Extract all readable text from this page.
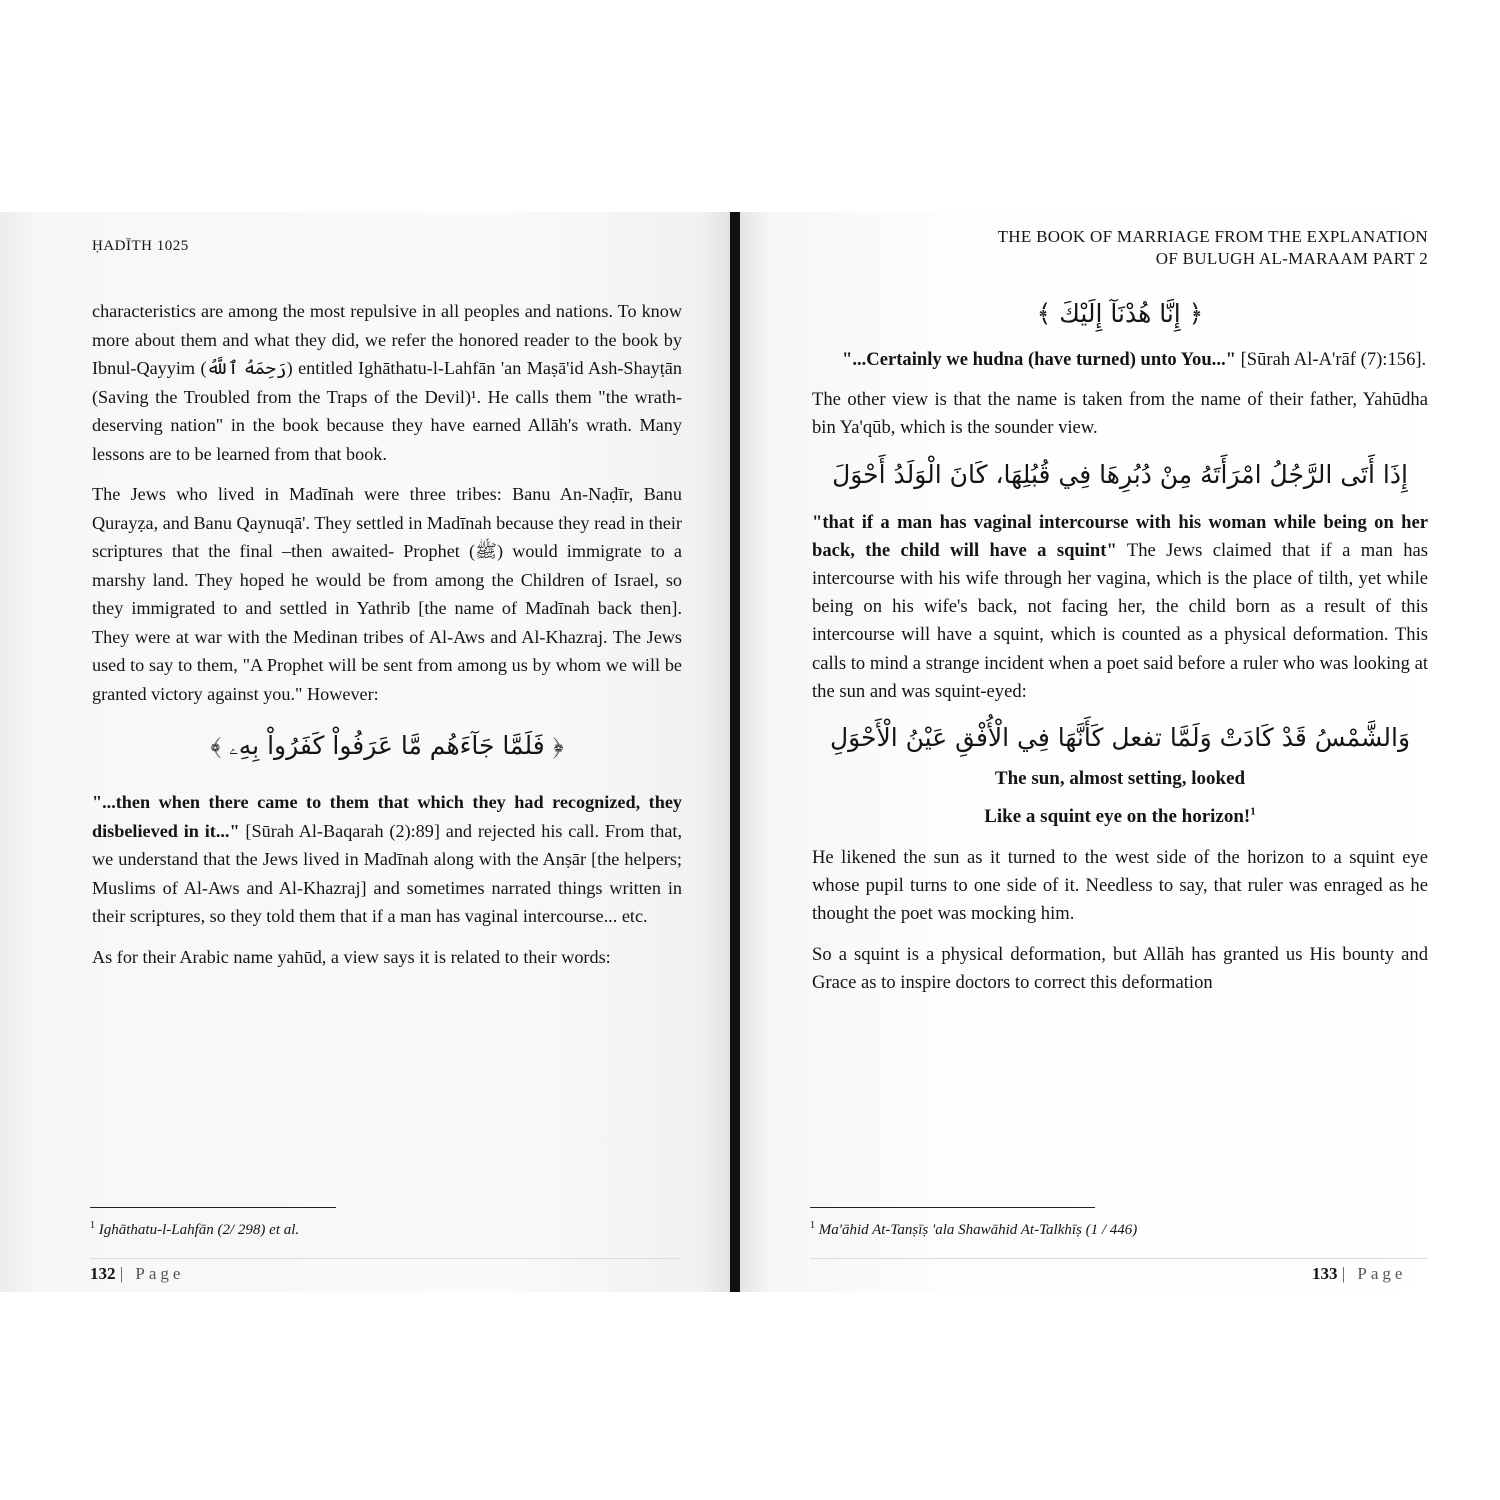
ḤADĪTH 1025

characteristics are among the most repulsive in all peoples and nations. To know more about them and what they did, we refer the honored reader to the book by Ibnul-Qayyim (رَحِمَهُ ٱللَّهُ) entitled Ighāthatu-l-Lahfān 'an Maṣā'id Ash-Shayṭān (Saving the Troubled from the Traps of the Devil)¹. He calls them "the wrath-deserving nation" in the book because they have earned Allāh's wrath. Many lessons are to be learned from that book.

The Jews who lived in Madīnah were three tribes: Banu An-Naḍīr, Banu Qurayẓa, and Banu Qaynuqā'. They settled in Madīnah because they read in their scriptures that the final –then awaited- Prophet (ﷺ) would immigrate to a marshy land. They hoped he would be from among the Children of Israel, so they immigrated to and settled in Yathrib [the name of Madīnah back then]. They were at war with the Medinan tribes of Al-Aws and Al-Khazraj. The Jews used to say to them, "A Prophet will be sent from among us by whom we will be granted victory against you." However:

﴿ فَلَمَّا جَآءَهُم مَّا عَرَفُواْ كَفَرُواْ بِهِۦ ﴾

"...then when there came to them that which they had recognized, they disbelieved in it..." [Sūrah Al-Baqarah (2):89] and rejected his call. From that, we understand that the Jews lived in Madīnah along with the Anṣār [the helpers; Muslims of Al-Aws and Al-Khazraj] and sometimes narrated things written in their scriptures, so they told them that if a man has vaginal intercourse... etc.

As for their Arabic name yahūd, a view says it is related to their words:

THE BOOK OF MARRIAGE FROM THE EXPLANATION
OF BULUGH AL-MARAAM PART 2
﴿ إِنَّا هُدْنَآ إِلَيْكَ ﴾

"...Certainly we hudna (have turned) unto You..." [Sūrah Al-A'rāf (7):156].

The other view is that the name is taken from the name of their father, Yahūdha bin Ya'qūb, which is the sounder view.

إِذَا أَتَى الرَّجُلُ امْرَأَتَهُ مِنْ دُبُرِهَا فِي قُبُلِهَا، كَانَ الْوَلَدُ أَحْوَلَ

"that if a man has vaginal intercourse with his woman while being on her back, the child will have a squint" The Jews claimed that if a man has intercourse with his wife through her vagina, which is the place of tilth, yet while being on his wife's back, not facing her, the child born as a result of this intercourse will have a squint, which is counted as a physical deformation. This calls to mind a strange incident when a poet said before a ruler who was looking at the sun and was squint-eyed:

وَالشَّمْسُ قَدْ كَادَتْ وَلَمَّا تفعل كَأَنَّهَا فِي الْأُفْقِ عَيْنُ الْأَحْوَلِ
The sun, almost setting, looked
Like a squint eye on the horizon!$^1$

He likened the sun as it turned to the west side of the horizon to a squint eye whose pupil turns to one side of it. Needless to say, that ruler was enraged as he thought the poet was mocking him.

So a squint is a physical deformation, but Allāh has granted us His bounty and Grace as to inspire doctors to correct this deformation

$^1$ Ighāthatu-l-Lahfān (2/ 298) et al.
132 | Page
$^1$ Ma'āhid At-Tanṣīṣ 'ala Shawāhid At-Talkhīṣ (1 / 446)
133 | Page
